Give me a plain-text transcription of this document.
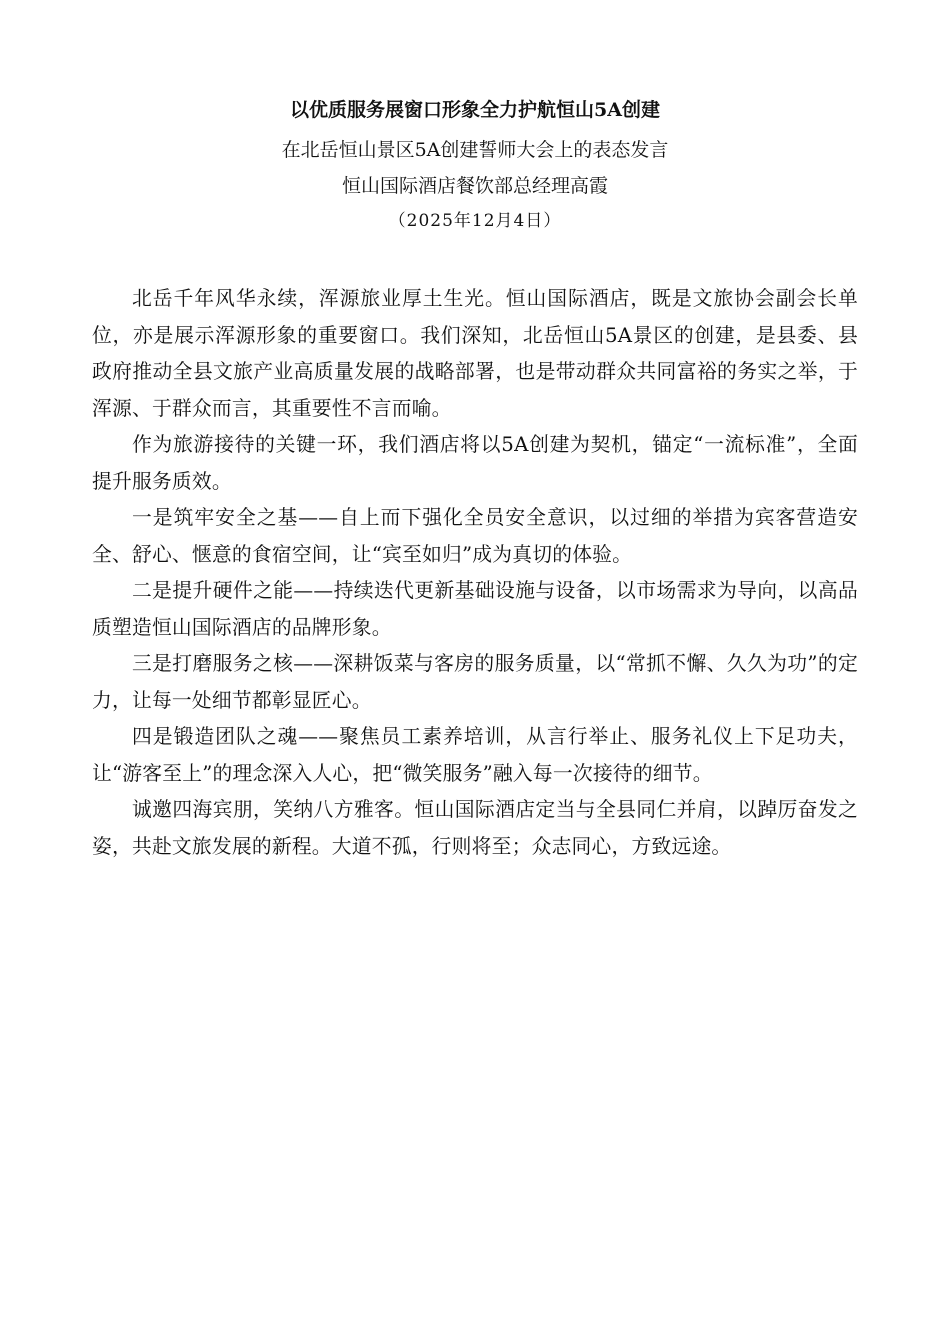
以优质服务展窗口形象全力护航恒山5A创建
在北岳恒山景区5A创建誓师大会上的表态发言
恒山国际酒店餐饮部总经理高霞
（2025年12月4日）

北岳千年风华永续，浑源旅业厚土生光。恒山国际酒店，既是文旅协会副会长单位，亦是展示浑源形象的重要窗口。我们深知，北岳恒山5A景区的创建，是县委、县政府推动全县文旅产业高质量发展的战略部署，也是带动群众共同富裕的务实之举，于浑源、于群众而言，其重要性不言而喻。

作为旅游接待的关键一环，我们酒店将以5A创建为契机，锚定“一流标准”，全面提升服务质效。

一是筑牢安全之基——自上而下强化全员安全意识，以过细的举措为宾客营造安全、舒心、惬意的食宿空间，让“宾至如归”成为真切的体验。

二是提升硬件之能——持续迭代更新基础设施与设备，以市场需求为导向，以高品质塑造恒山国际酒店的品牌形象。

三是打磨服务之核——深耕饭菜与客房的服务质量，以“常抓不懈、久久为功”的定力，让每一处细节都彰显匠心。

四是锻造团队之魂——聚焦员工素养培训，从言行举止、服务礼仪上下足功夫，让“游客至上”的理念深入人心，把“微笑服务”融入每一次接待的细节。

诚邀四海宾朋，笑纳八方雅客。恒山国际酒店定当与全县同仁并肩，以踔厉奋发之姿，共赴文旅发展的新程。大道不孤，行则将至；众志同心，方致远途。
